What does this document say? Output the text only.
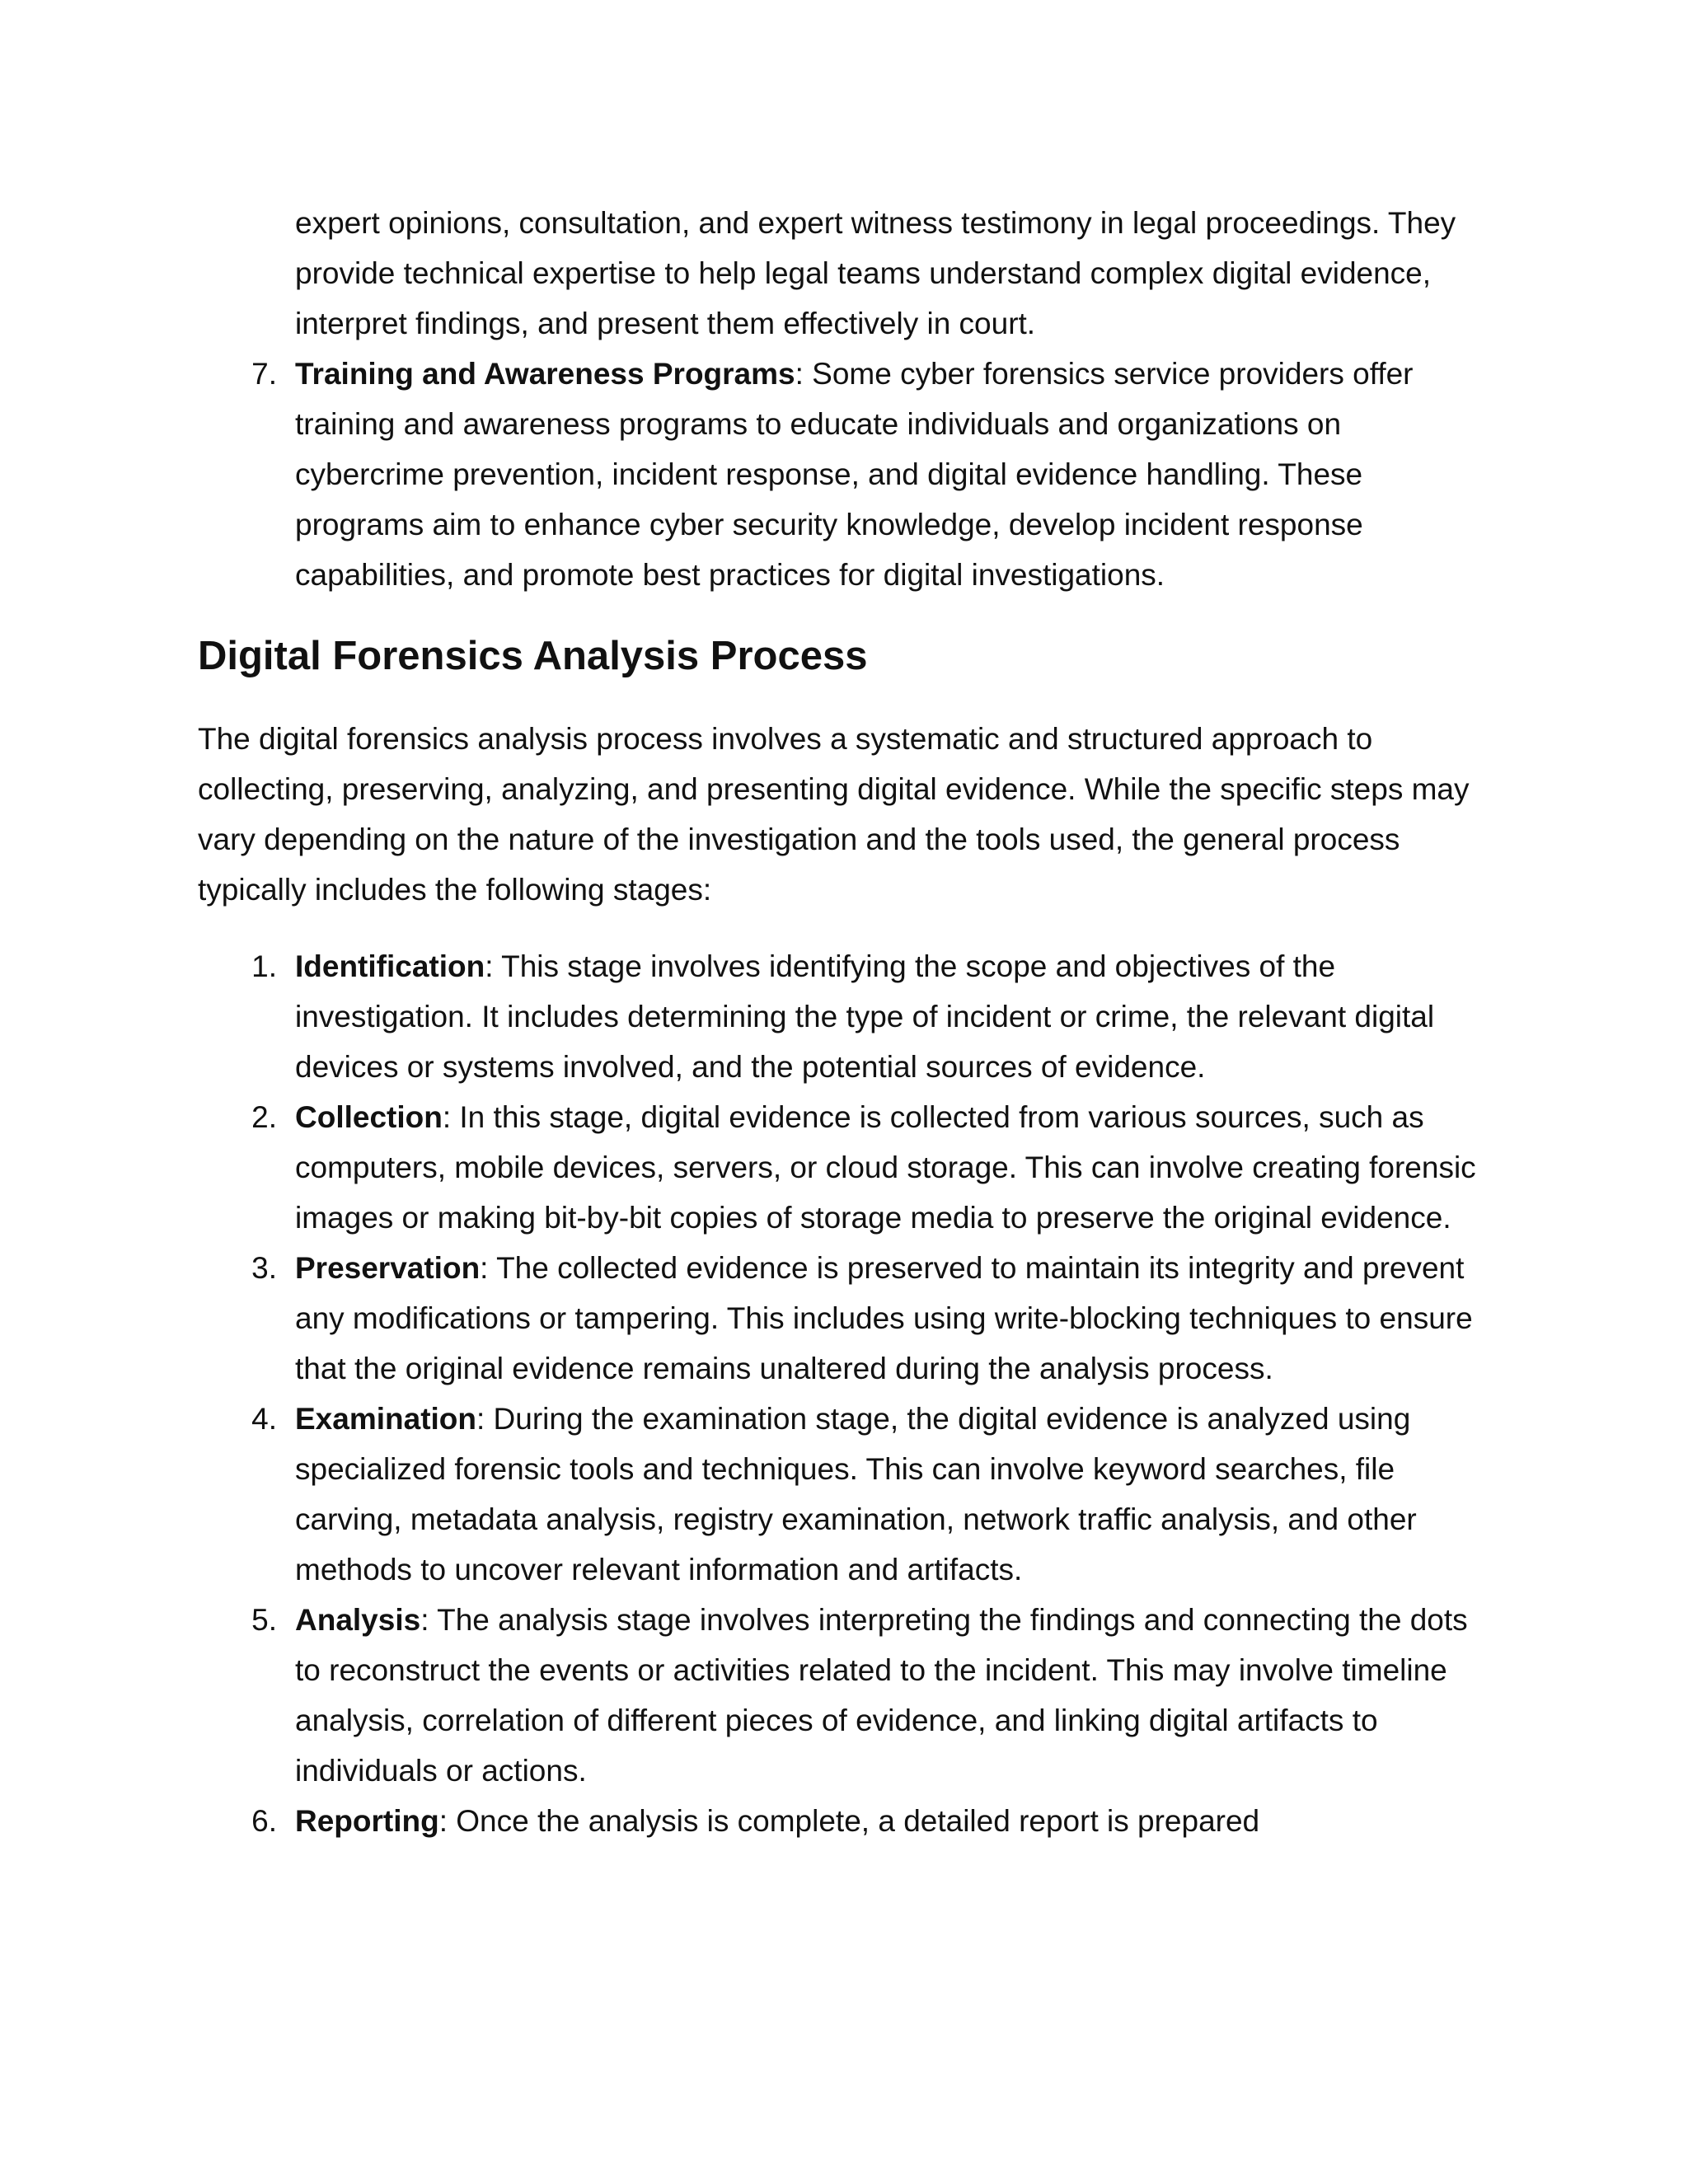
expert opinions, consultation, and expert witness testimony in legal proceedings. They provide technical expertise to help legal teams understand complex digital evidence, interpret findings, and present them effectively in court.

7. Training and Awareness Programs: Some cyber forensics service providers offer training and awareness programs to educate individuals and organizations on cybercrime prevention, incident response, and digital evidence handling. These programs aim to enhance cyber security knowledge, develop incident response capabilities, and promote best practices for digital investigations.
Digital Forensics Analysis Process

The digital forensics analysis process involves a systematic and structured approach to collecting, preserving, analyzing, and presenting digital evidence. While the specific steps may vary depending on the nature of the investigation and the tools used, the general process typically includes the following stages:

1. Identification: This stage involves identifying the scope and objectives of the investigation. It includes determining the type of incident or crime, the relevant digital devices or systems involved, and the potential sources of evidence.
2. Collection: In this stage, digital evidence is collected from various sources, such as computers, mobile devices, servers, or cloud storage. This can involve creating forensic images or making bit-by-bit copies of storage media to preserve the original evidence.
3. Preservation: The collected evidence is preserved to maintain its integrity and prevent any modifications or tampering. This includes using write-blocking techniques to ensure that the original evidence remains unaltered during the analysis process.
4. Examination: During the examination stage, the digital evidence is analyzed using specialized forensic tools and techniques. This can involve keyword searches, file carving, metadata analysis, registry examination, network traffic analysis, and other methods to uncover relevant information and artifacts.
5. Analysis: The analysis stage involves interpreting the findings and connecting the dots to reconstruct the events or activities related to the incident. This may involve timeline analysis, correlation of different pieces of evidence, and linking digital artifacts to individuals or actions.
6. Reporting: Once the analysis is complete, a detailed report is prepared
